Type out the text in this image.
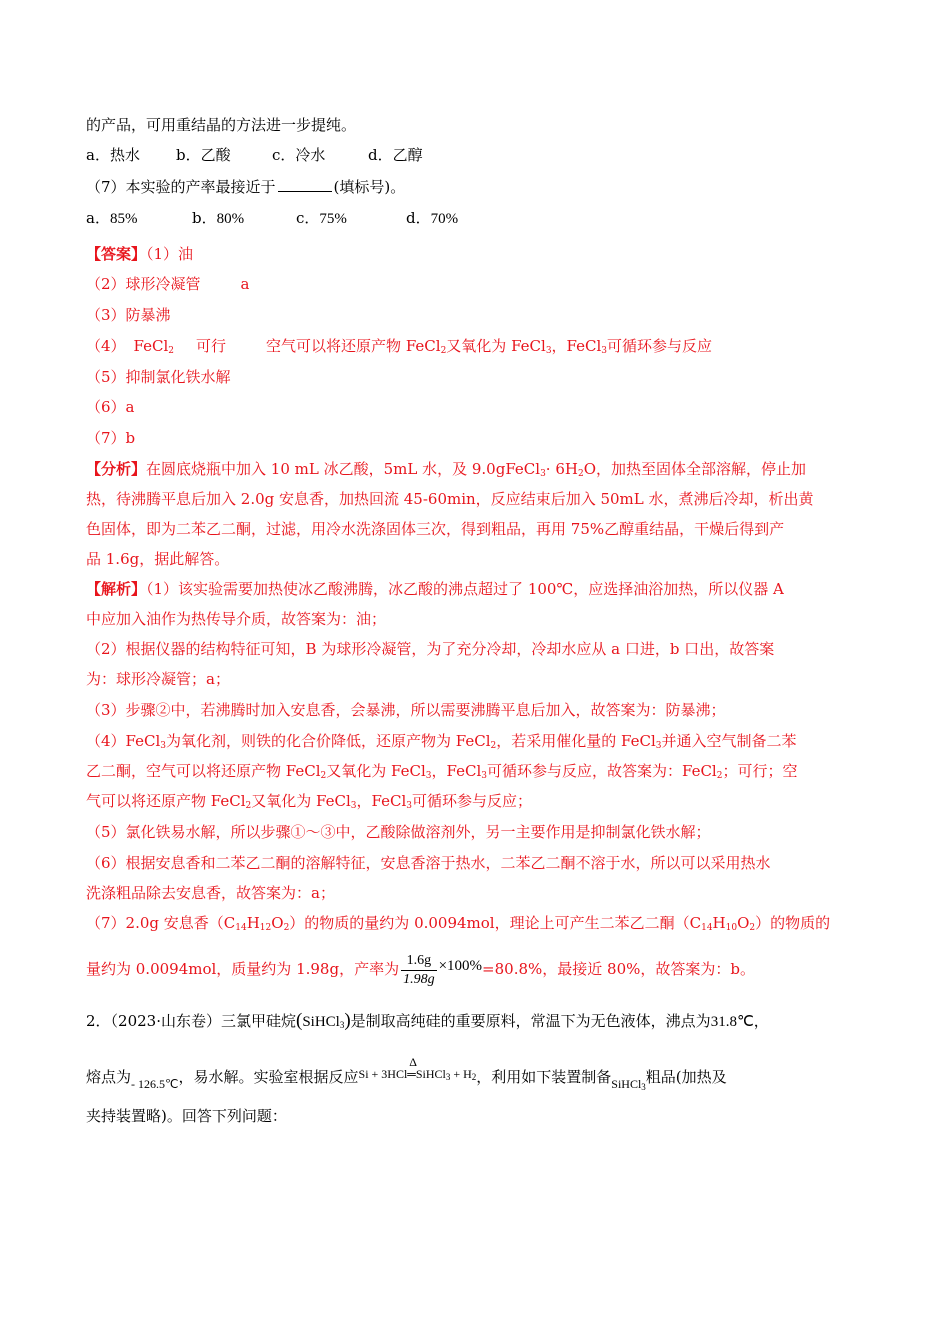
的产品，可用重结晶的方法进一步提纯。
a．热水 b．乙酸	c．冷水	d．乙醇
（7）本实验的产率最接近于	(填标号)。
a．85%	b．80%	c．75%	d．70%
【答案】（1）油
（2）球形冷凝管	a
（3）防暴沸
（4） FeCl$_2$ 可行	空气可以将还原产物 FeCl$_2$又氧化为 FeCl$_3$，FeCl$_3$可循环参与反应
（5）抑制氯化铁水解
（6）a
（7）b
【分析】在圆底烧瓶中加入 10 mL 冰乙酸，5mL 水，及 9.0gFeCl$_3$· $6H_2O$，加热至固体全部溶解，停止加
热，待沸腾平息后加入 2.0g 安息香，加热回流 45-60min，反应结束后加入 50mL 水，煮沸后冷却，析出黄
色固体，即为二苯乙二酮，过滤，用冷水洗涤固体三次，得到粗品，再用 75%乙醇重结晶，干燥后得到产
品 1.6g，据此解答。
【解析】（1）该实验需要加热使冰乙酸沸腾，冰乙酸的沸点超过了 100℃，应选择油浴加热，所以仪器 A
中应加入油作为热传导介质，故答案为：油；
（2）根据仪器的结构特征可知，B 为球形冷凝管，为了充分冷却，冷却水应从 a 口进，b 口出，故答案
为：球形冷凝管；a；
（3）步骤②中，若沸腾时加入安息香，会暴沸，所以需要沸腾平息后加入，故答案为：防暴沸；
（4）FeCl$_3$为氧化剂，则铁的化合价降低，还原产物为 FeCl$_2$，若采用催化量的 FeCl$_3$并通入空气制备二苯
乙二酮，空气可以将还原产物 FeCl$_2$又氧化为 FeCl$_3$，FeCl$_3$可循环参与反应，故答案为：FeCl$_2$；可行；空
气可以将还原产物 FeCl$_2$又氧化为 FeCl$_3$，FeCl$_3$可循环参与反应；
（5）氯化铁易水解，所以步骤①～③中，乙酸除做溶剂外，另一主要作用是抑制氯化铁水解；
（6）根据安息香和二苯乙二酮的溶解特征，安息香溶于热水，二苯乙二酮不溶于水，所以可以采用热水
洗涤粗品除去安息香，故答案为：a；
（7）2.0g 安息香$(C_{14}H_{12}O_2)$的物质的量约为 0.0094mol，理论上可产生二苯乙二酮$(C_{14}H_{10}O_2)$的物质的
量约为 0.0094mol，质量约为 1.98g，产率为 $\frac{1.6g}{1.98g} \times 100\%=80.8\%$，最接近 80%，故答案为：b。
2．（2023·山东卷）三氯甲硅烷(SiHCl$_3$)是制取高纯硅的重要原料，常温下为无色液体，沸点为31.8℃，
熔点为$_{- 126.5℃}$，易水解。实验室根据反应$^{Si + 3HCl \Delta ═SiHCl_3 + H_2}$，利用如下装置制备$_{SiHCl_3}$粗品(加热及
夹持装置略)。回答下列问题：
